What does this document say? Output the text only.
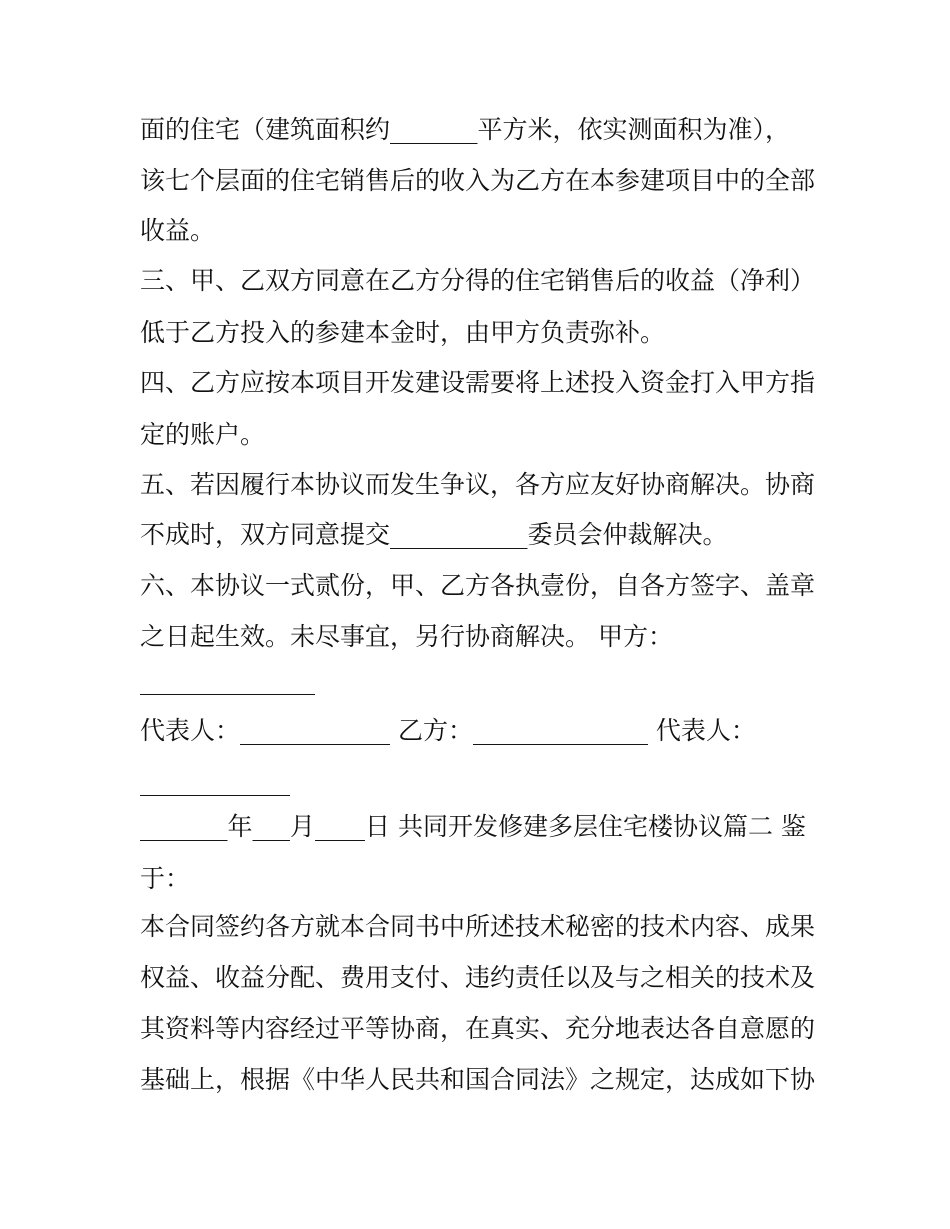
面的住宅（建筑面积约_______平方米，依实测面积为准），
该七个层面的住宅销售后的收入为乙方在本参建项目中的全部
收益。
三、甲、乙双方同意在乙方分得的住宅销售后的收益（净利）
低于乙方投入的参建本金时，由甲方负责弥补。
四、乙方应按本项目开发建设需要将上述投入资金打入甲方指
定的账户。
五、若因履行本协议而发生争议，各方应友好协商解决。协商
不成时，双方同意提交___________委员会仲裁解决。
六、本协议一式贰份，甲、乙方各执壹份，自各方签字、盖章
之日起生效。未尽事宜，另行协商解决。 甲方：
______________
代表人：____________ 乙方：______________ 代表人：
____________
_______年___月____日 共同开发修建多层住宅楼协议篇二 鉴
于：
本合同签约各方就本合同书中所述技术秘密的技术内容、成果
权益、收益分配、费用支付、违约责任以及与之相关的技术及
其资料等内容经过平等协商，在真实、充分地表达各自意愿的
基础上，根据《中华人民共和国合同法》之规定，达成如下协
